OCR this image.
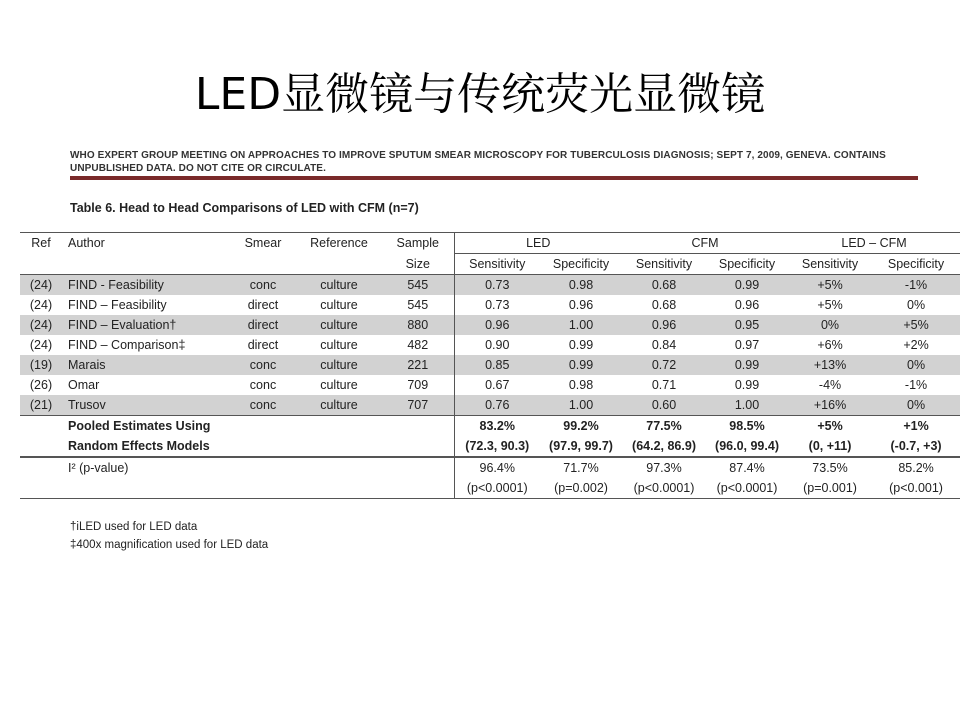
LED显微镜与传统荧光显微镜
WHO EXPERT GROUP MEETING ON APPROACHES TO IMPROVE SPUTUM SMEAR MICROSCOPY FOR TUBERCULOSIS DIAGNOSIS; SEPT 7, 2009, GENEVA. CONTAINS UNPUBLISHED DATA. DO NOT CITE OR CIRCULATE.
Table 6. Head to Head Comparisons of LED with CFM (n=7)
Ref	Author	Smear	Reference	Sample	LED		CFM		LED – CFM	
				Size	Sensitivity	Specificity	Sensitivity	Specificity	Sensitivity	Specificity
(24)	FIND - Feasibility	conc	culture	545	0.73	0.98	0.68	0.99	+5%	-1%
(24)	FIND – Feasibility	direct	culture	545	0.73	0.96	0.68	0.96	+5%	0%
(24)	FIND – Evaluation†	direct	culture	880	0.96	1.00	0.96	0.95	0%	+5%
(24)	FIND – Comparison‡	direct	culture	482	0.90	0.99	0.84	0.97	+6%	+2%
(19)	Marais	conc	culture	221	0.85	0.99	0.72	0.99	+13%	0%
(26)	Omar	conc	culture	709	0.67	0.98	0.71	0.99	-4%	-1%
(21)	Trusov	conc	culture	707	0.76	1.00	0.60	1.00	+16%	0%
	Pooled Estimates Using				83.2%	99.2%	77.5%	98.5%	+5%	+1%
	Random Effects Models				(72.3, 90.3)	(97.9, 99.7)	(64.2, 86.9)	(96.0, 99.4)	(0, +11)	(-0.7, +3)
	I² (p-value)				96.4%	71.7%	97.3%	87.4%	73.5%	85.2%
					(p<0.0001)	(p=0.002)	(p<0.0001)	(p<0.0001)	(p=0.001)	(p<0.001)
†iLED used for LED data
‡400x magnification used for LED data
